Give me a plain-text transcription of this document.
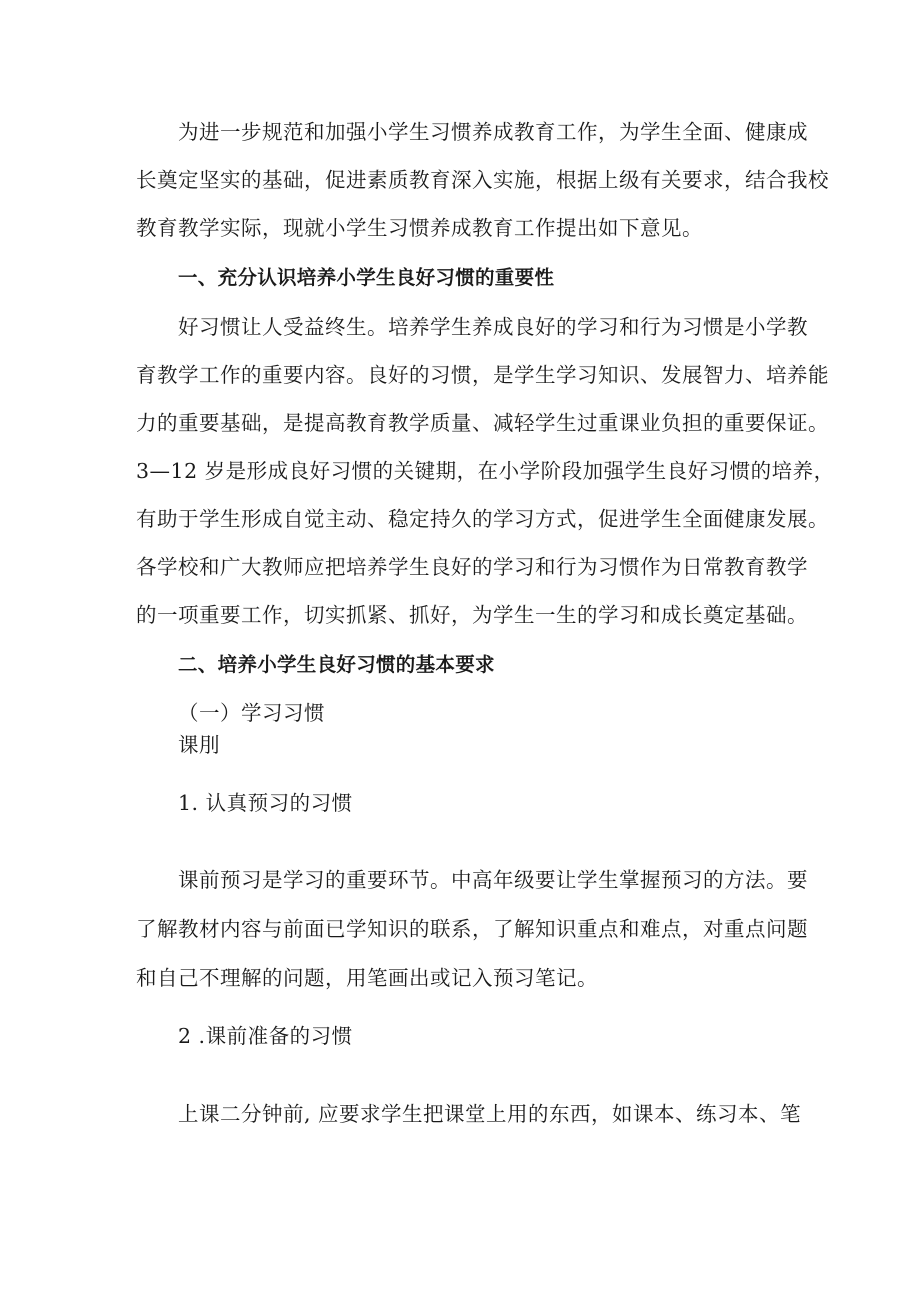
为进一步规范和加强小学生习惯养成教育工作，为学生全面、健康成
长奠定坚实的基础，促进素质教育深入实施，根据上级有关要求，结合我校
教育教学实际，现就小学生习惯养成教育工作提出如下意见。
一、充分认识培养小学生良好习惯的重要性
好习惯让人受益终生。培养学生养成良好的学习和行为习惯是小学教
育教学工作的重要内容。良好的习惯，是学生学习知识、发展智力、培养能
力的重要基础，是提高教育教学质量、减轻学生过重课业负担的重要保证。
3—12 岁是形成良好习惯的关键期，在小学阶段加强学生良好习惯的培养，
有助于学生形成自觉主动、稳定持久的学习方式，促进学生全面健康发展。
各学校和广大教师应把培养学生良好的学习和行为习惯作为日常教育教学
的一项重要工作，切实抓紧、抓好，为学生一生的学习和成长奠定基础。
二、培养小学生良好习惯的基本要求
（一）学习习惯
课刖
1. 认真预习的习惯
课前预习是学习的重要环节。中高年级要让学生掌握预习的方法。要
了解教材内容与前面已学知识的联系，了解知识重点和难点，对重点问题
和自己不理解的问题，用笔画出或记入预习笔记。
2 .课前准备的习惯
上课二分钟前, 应要求学生把课堂上用的东西，如课本、练习本、笔
